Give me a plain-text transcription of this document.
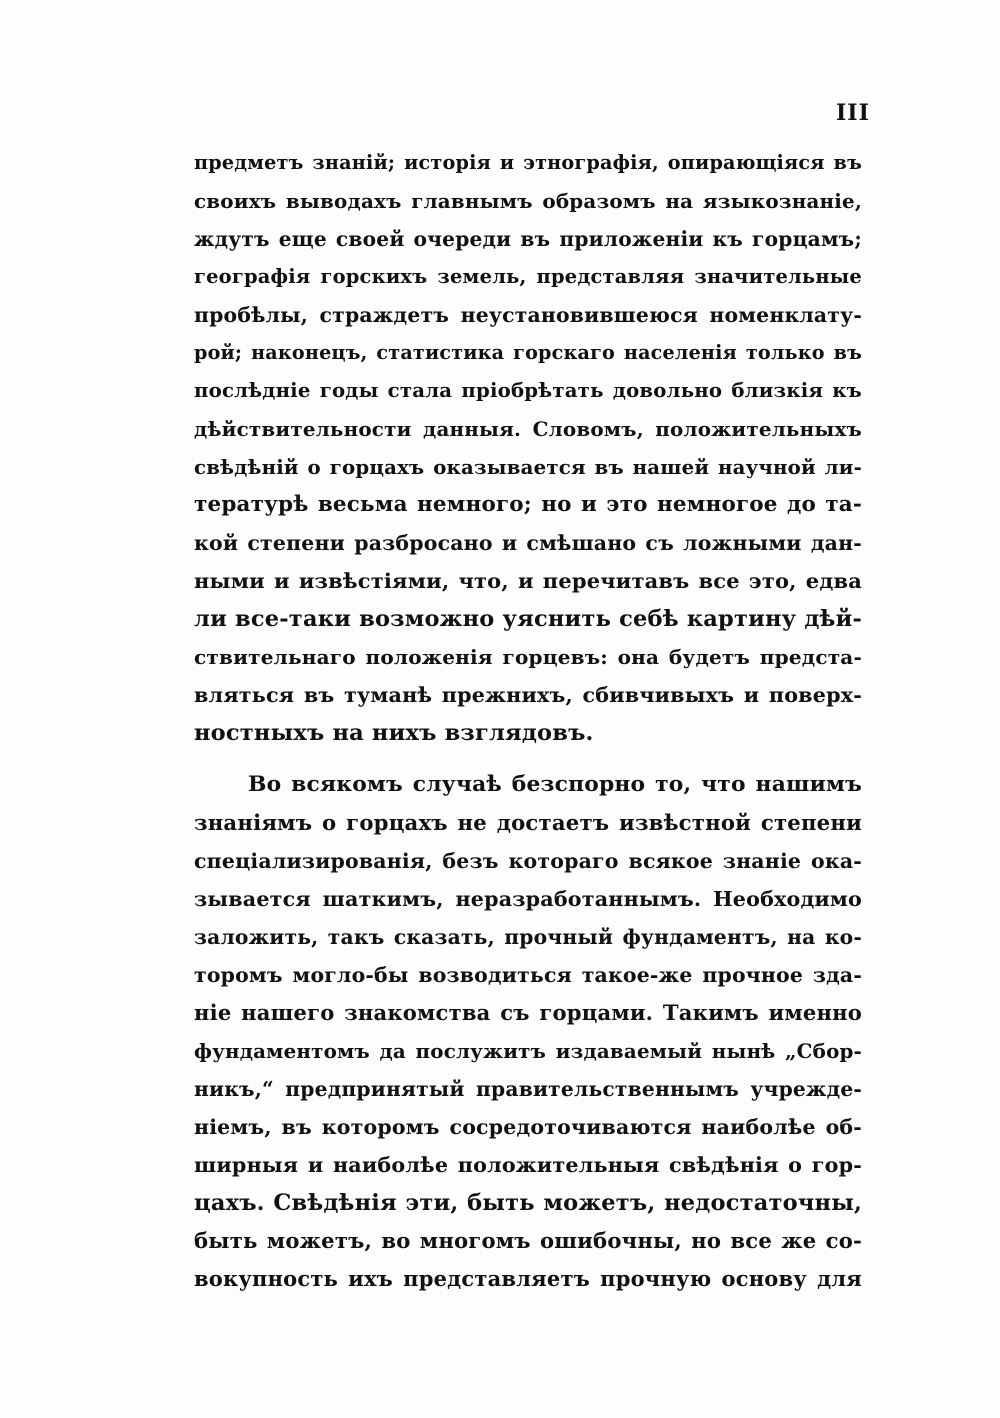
III
предметъ знаній; исторія и этнографія, опирающіяся въ
своихъ выводахъ главнымъ образомъ на языкознаніе,
ждутъ еще своей очереди въ приложеніи къ горцамъ;
географія горскихъ земель, представляя значительные
пробѣлы, страждетъ неустановившеюся номенклату-
рой; наконецъ, статистика горскаго населенія только въ
послѣдніе годы стала пріобрѣтать довольно близкія къ
дѣйствительности данныя. Словомъ, положительныхъ
свѣдѣній о горцахъ оказывается въ нашей научной ли-
тературѣ весьма немного; но и это немногое до та-
кой степени разбросано и смѣшано съ ложными дан-
ными и извѣстіями, что, и перечитавъ все это, едва
ли все-таки возможно уяснить себѣ картину дѣй-
ствительнаго положенія горцевъ: она будетъ предста-
вляться въ туманѣ прежнихъ, сбивчивыхъ и поверх-
ностныхъ на нихъ взглядовъ.
Во всякомъ случаѣ безспорно то, что нашимъ
знаніямъ о горцахъ не достаетъ извѣстной степени
спеціализированія, безъ котораго всякое знаніе ока-
зывается шаткимъ, неразработаннымъ. Необходимо
заложить, такъ сказать, прочный фундаментъ, на ко-
торомъ могло-бы возводиться такое-же прочное зда-
ніе нашего знакомства съ горцами. Такимъ именно
фундаментомъ да послужитъ издаваемый нынѣ „Сбор-
никъ,“ предпринятый правительственнымъ учрежде-
ніемъ, въ которомъ сосредоточиваются наиболѣе об-
ширныя и наиболѣе положительныя свѣдѣнія о гор-
цахъ. Свѣдѣнія эти, быть можетъ, недостаточны,
быть можетъ, во многомъ ошибочны, но все же со-
вокупность ихъ представляетъ прочную основу для
